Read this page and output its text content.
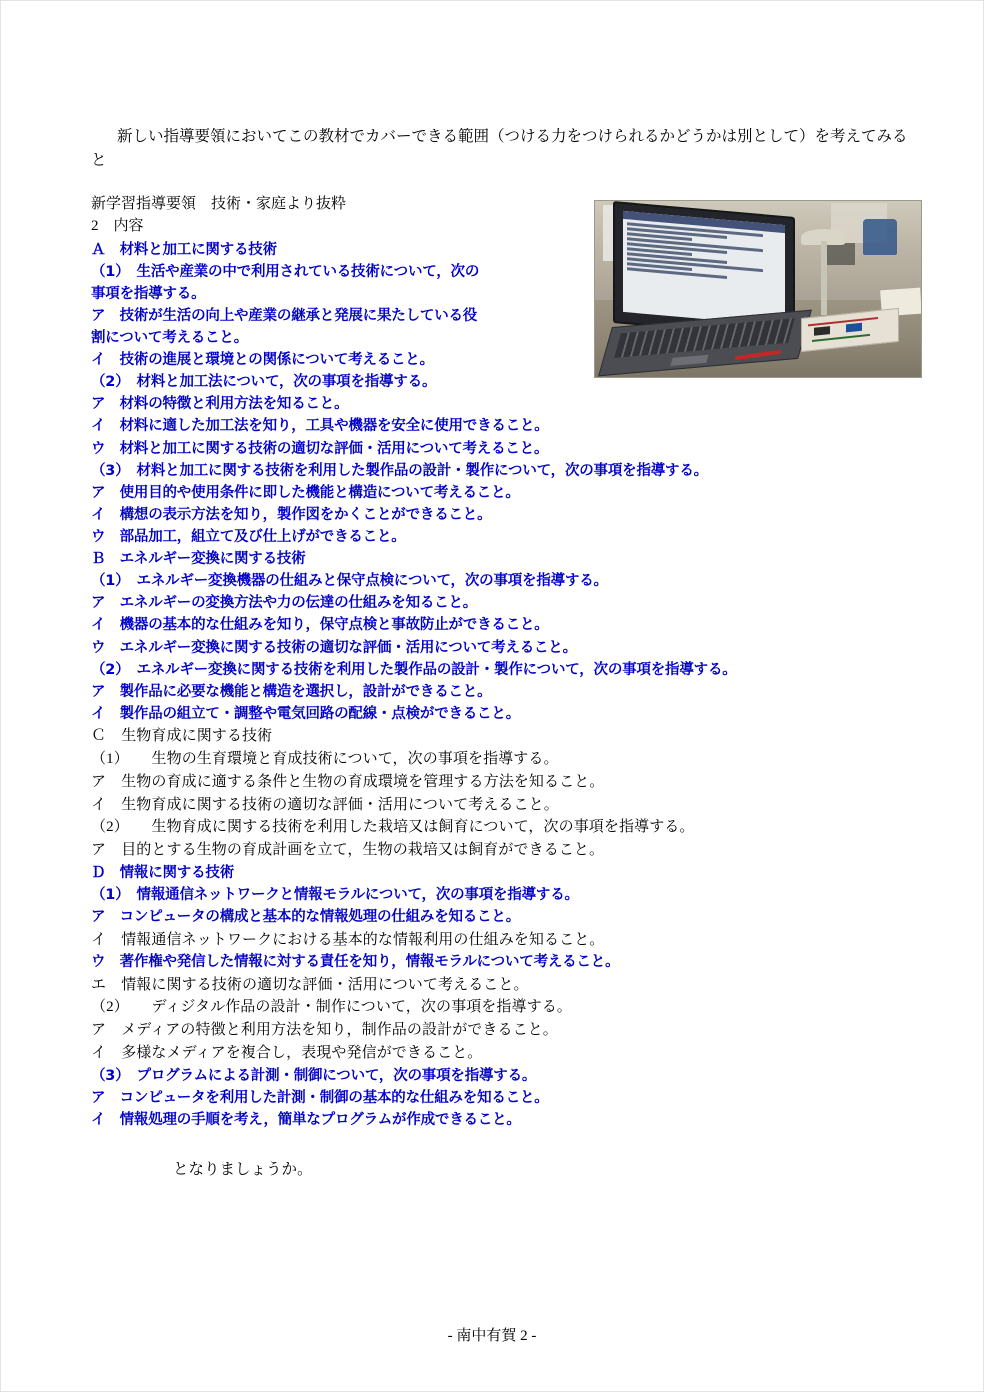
新しい指導要領においてこの教材でカバーできる範囲（つける力をつけられるかどうかは別として）を考えてみると

新学習指導要領　技術・家庭より抜粋
2　内容
Ａ　材料と加工に関する技術
（1）　生活や産業の中で利用されている技術について，次の
事項を指導する。
ア　技術が生活の向上や産業の継承と発展に果たしている役
割について考えること。
イ　技術の進展と環境との関係について考えること。
（2）　材料と加工法について，次の事項を指導する。
ア　材料の特徴と利用方法を知ること。
イ　材料に適した加工法を知り，工具や機器を安全に使用できること。
ウ　材料と加工に関する技術の適切な評価・活用について考えること。
（3）　材料と加工に関する技術を利用した製作品の設計・製作について，次の事項を指導する。
ア　使用目的や使用条件に即した機能と構造について考えること。
イ　構想の表示方法を知り，製作図をかくことができること。
ウ　部品加工，組立て及び仕上げができること。
Ｂ　エネルギー変換に関する技術
（1）　エネルギー変換機器の仕組みと保守点検について，次の事項を指導する。
ア　エネルギーの変換方法や力の伝達の仕組みを知ること。
イ　機器の基本的な仕組みを知り，保守点検と事故防止ができること。
ウ　エネルギー変換に関する技術の適切な評価・活用について考えること。
（2）　エネルギー変換に関する技術を利用した製作品の設計・製作について，次の事項を指導する。
ア　製作品に必要な機能と構造を選択し，設計ができること。
イ　製作品の組立て・調整や電気回路の配線・点検ができること。
Ｃ　生物育成に関する技術
（1）　　生物の生育環境と育成技術について，次の事項を指導する。
ア　生物の育成に適する条件と生物の育成環境を管理する方法を知ること。
イ　生物育成に関する技術の適切な評価・活用について考えること。
（2）　　生物育成に関する技術を利用した栽培又は飼育について，次の事項を指導する。
ア　目的とする生物の育成計画を立て，生物の栽培又は飼育ができること。
Ｄ　情報に関する技術
（1）　情報通信ネットワークと情報モラルについて，次の事項を指導する。
ア　コンピュータの構成と基本的な情報処理の仕組みを知ること。
イ　情報通信ネットワークにおける基本的な情報利用の仕組みを知ること。
ウ　著作権や発信した情報に対する責任を知り，情報モラルについて考えること。
エ　情報に関する技術の適切な評価・活用について考えること。
（2）　　ディジタル作品の設計・制作について，次の事項を指導する。
ア　メディアの特徴と利用方法を知り，制作品の設計ができること。
イ　多様なメディアを複合し，表現や発信ができること。
（3）　プログラムによる計測・制御について，次の事項を指導する。
ア　コンピュータを利用した計測・制御の基本的な仕組みを知ること。
イ　情報処理の手順を考え，簡単なプログラムが作成できること。
となりましょうか。
- 南中有賀 2 -
